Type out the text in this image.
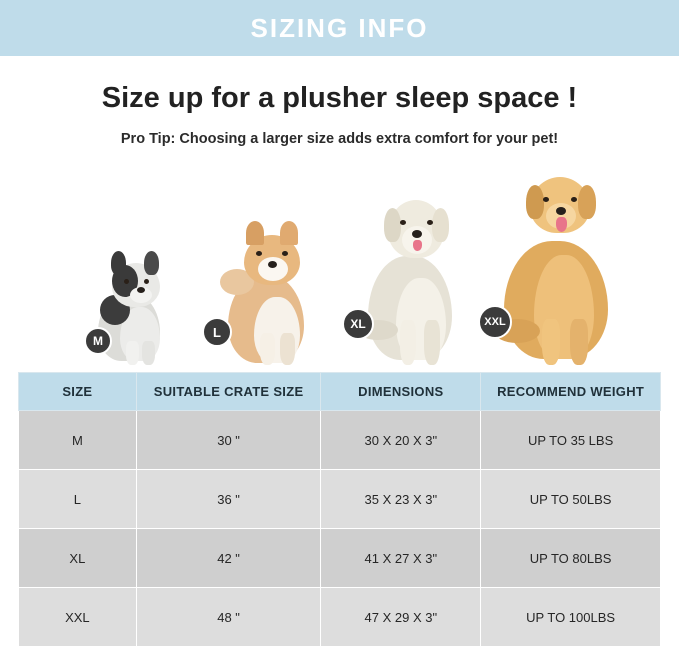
SIZING INFO
Size up for a plusher sleep space !
Pro Tip: Choosing a larger size adds extra comfort for your pet!
M
L
XL	XXL
SIZE	SUITABLE CRATE SIZE	DIMENSIONS	RECOMMEND WEIGHT
M	30 "	30 X 20 X 3"	UP TO 35 LBS
L	36 "	35 X 23 X 3"	UP TO 50LBS
XL	42 "	41 X 27 X 3"	UP TO 80LBS
XXL	48 "	47 X 29 X 3"	UP TO 100LBS
